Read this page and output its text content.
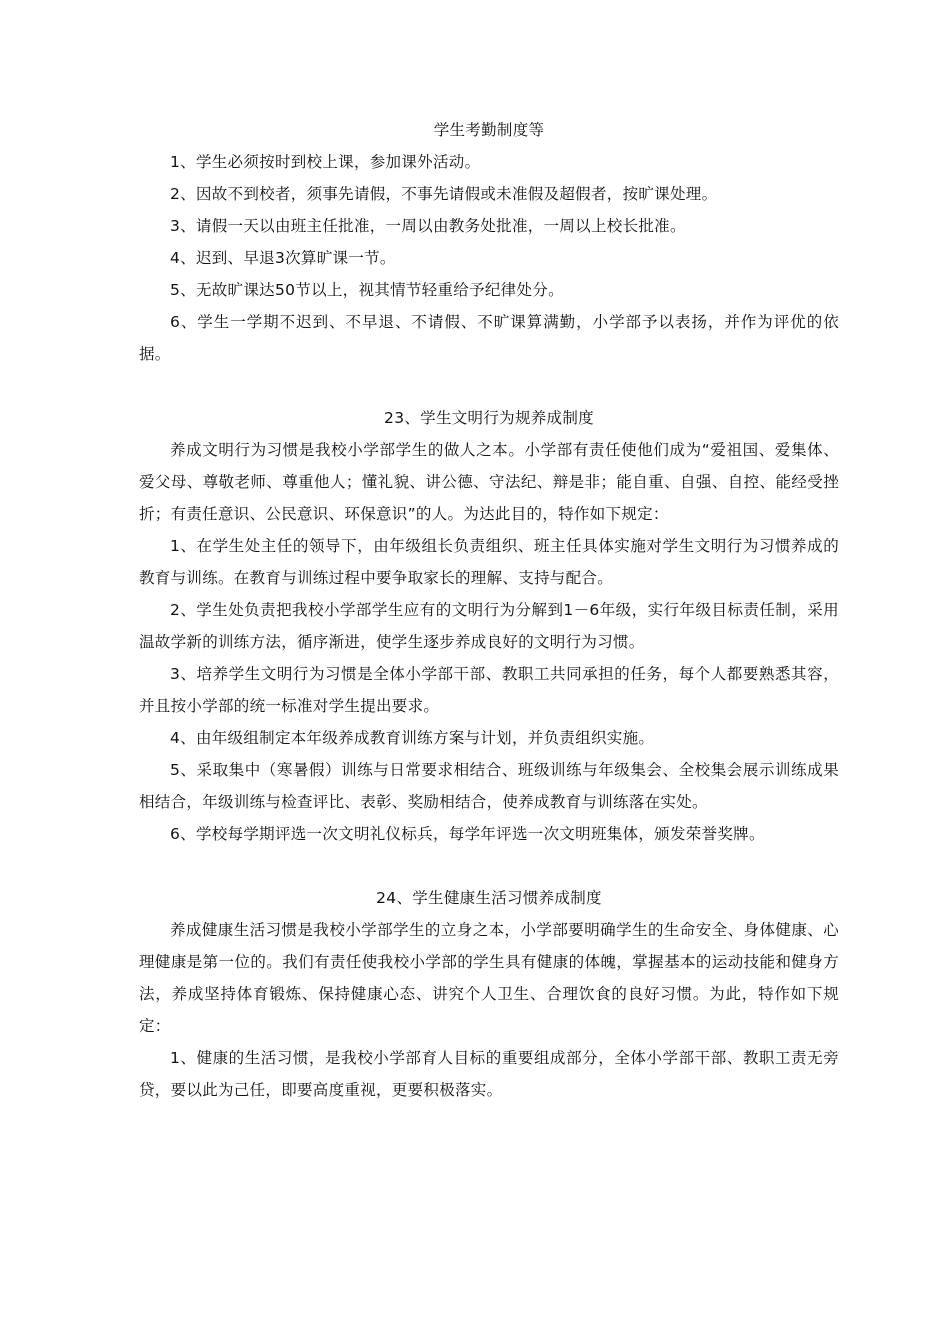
学生考勤制度等

1、学生必须按时到校上课，参加课外活动。

2、因故不到校者，须事先请假，不事先请假或未准假及超假者，按旷课处理。

3、请假一天以由班主任批准，一周以由教务处批准，一周以上校长批准。

4、迟到、早退3次算旷课一节。

5、无故旷课达50节以上，视其情节轻重给予纪律处分。

6、学生一学期不迟到、不早退、不请假、不旷课算满勤，小学部予以表扬，并作为评优的依据。

23、学生文明行为规养成制度

养成文明行为习惯是我校小学部学生的做人之本。小学部有责任使他们成为“爱祖国、爱集体、爱父母、尊敬老师、尊重他人；懂礼貌、讲公德、守法纪、辩是非；能自重、自强、自控、能经受挫折；有责任意识、公民意识、环保意识”的人。为达此目的，特作如下规定：

1、在学生处主任的领导下，由年级组长负责组织、班主任具体实施对学生文明行为习惯养成的教育与训练。在教育与训练过程中要争取家长的理解、支持与配合。

2、学生处负责把我校小学部学生应有的文明行为分解到1－6年级，实行年级目标责任制，采用温故学新的训练方法，循序渐进，使学生逐步养成良好的文明行为习惯。

3、培养学生文明行为习惯是全体小学部干部、教职工共同承担的任务，每个人都要熟悉其容，并且按小学部的统一标准对学生提出要求。

4、由年级组制定本年级养成教育训练方案与计划，并负责组织实施。

5、采取集中（寒暑假）训练与日常要求相结合、班级训练与年级集会、全校集会展示训练成果相结合，年级训练与检查评比、表彰、奖励相结合，使养成教育与训练落在实处。

6、学校每学期评选一次文明礼仪标兵，每学年评选一次文明班集体，颁发荣誉奖牌。

24、学生健康生活习惯养成制度

养成健康生活习惯是我校小学部学生的立身之本，小学部要明确学生的生命安全、身体健康、心理健康是第一位的。我们有责任使我校小学部的学生具有健康的体魄，掌握基本的运动技能和健身方法，养成坚持体育锻炼、保持健康心态、讲究个人卫生、合理饮食的良好习惯。为此，特作如下规定：

1、健康的生活习惯，是我校小学部育人目标的重要组成部分，全体小学部干部、教职工责无旁贷，要以此为己任，即要高度重视，更要积极落实。
